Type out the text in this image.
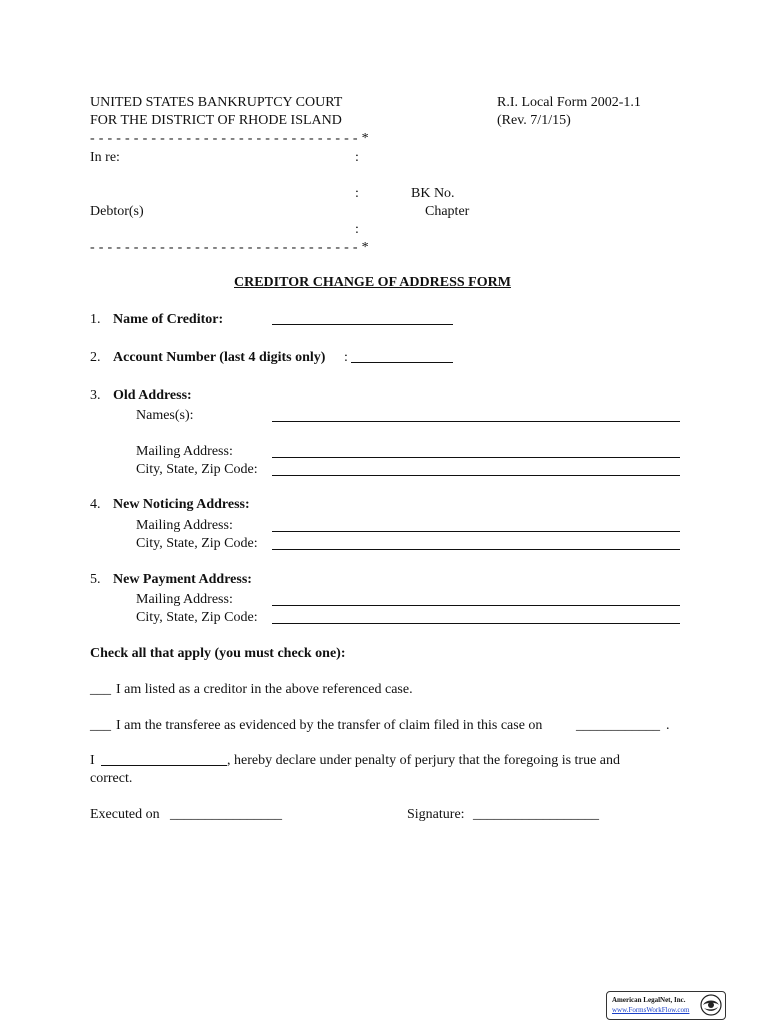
UNITED STATES BANKRUPTCY COURT
FOR THE DISTRICT OF RHODE ISLAND
R.I. Local Form 2002-1.1
(Rev. 7/1/15)
- - - - - - - - - - - - - - - - - - - - - - - - - - - - - - - *
In re:	:
:	BK No.
Debtor(s)	Chapter
:
- - - - - - - - - - - - - - - - - - - - - - - - - - - - - - - *
CREDITOR CHANGE OF ADDRESS FORM
1. Name of Creditor:
2. Account Number (last 4 digits only) :
3. Old Address:
Names(s):
Mailing Address:
City, State, Zip Code:
4. New Noticing Address:
Mailing Address:
City, State, Zip Code:
5. New Payment Address:
Mailing Address:
City, State, Zip Code:
Check all that apply (you must check one):
___ I am listed as a creditor in the above referenced case.
___ I am the transferee as evidenced by the transfer of claim filed in this case on ____________ .
I	, hereby declare under penalty of perjury that the foregoing is true and
correct.
Executed on ________________	Signature: __________________
American LegalNet, Inc.
www.FormsWorkFlow.com
